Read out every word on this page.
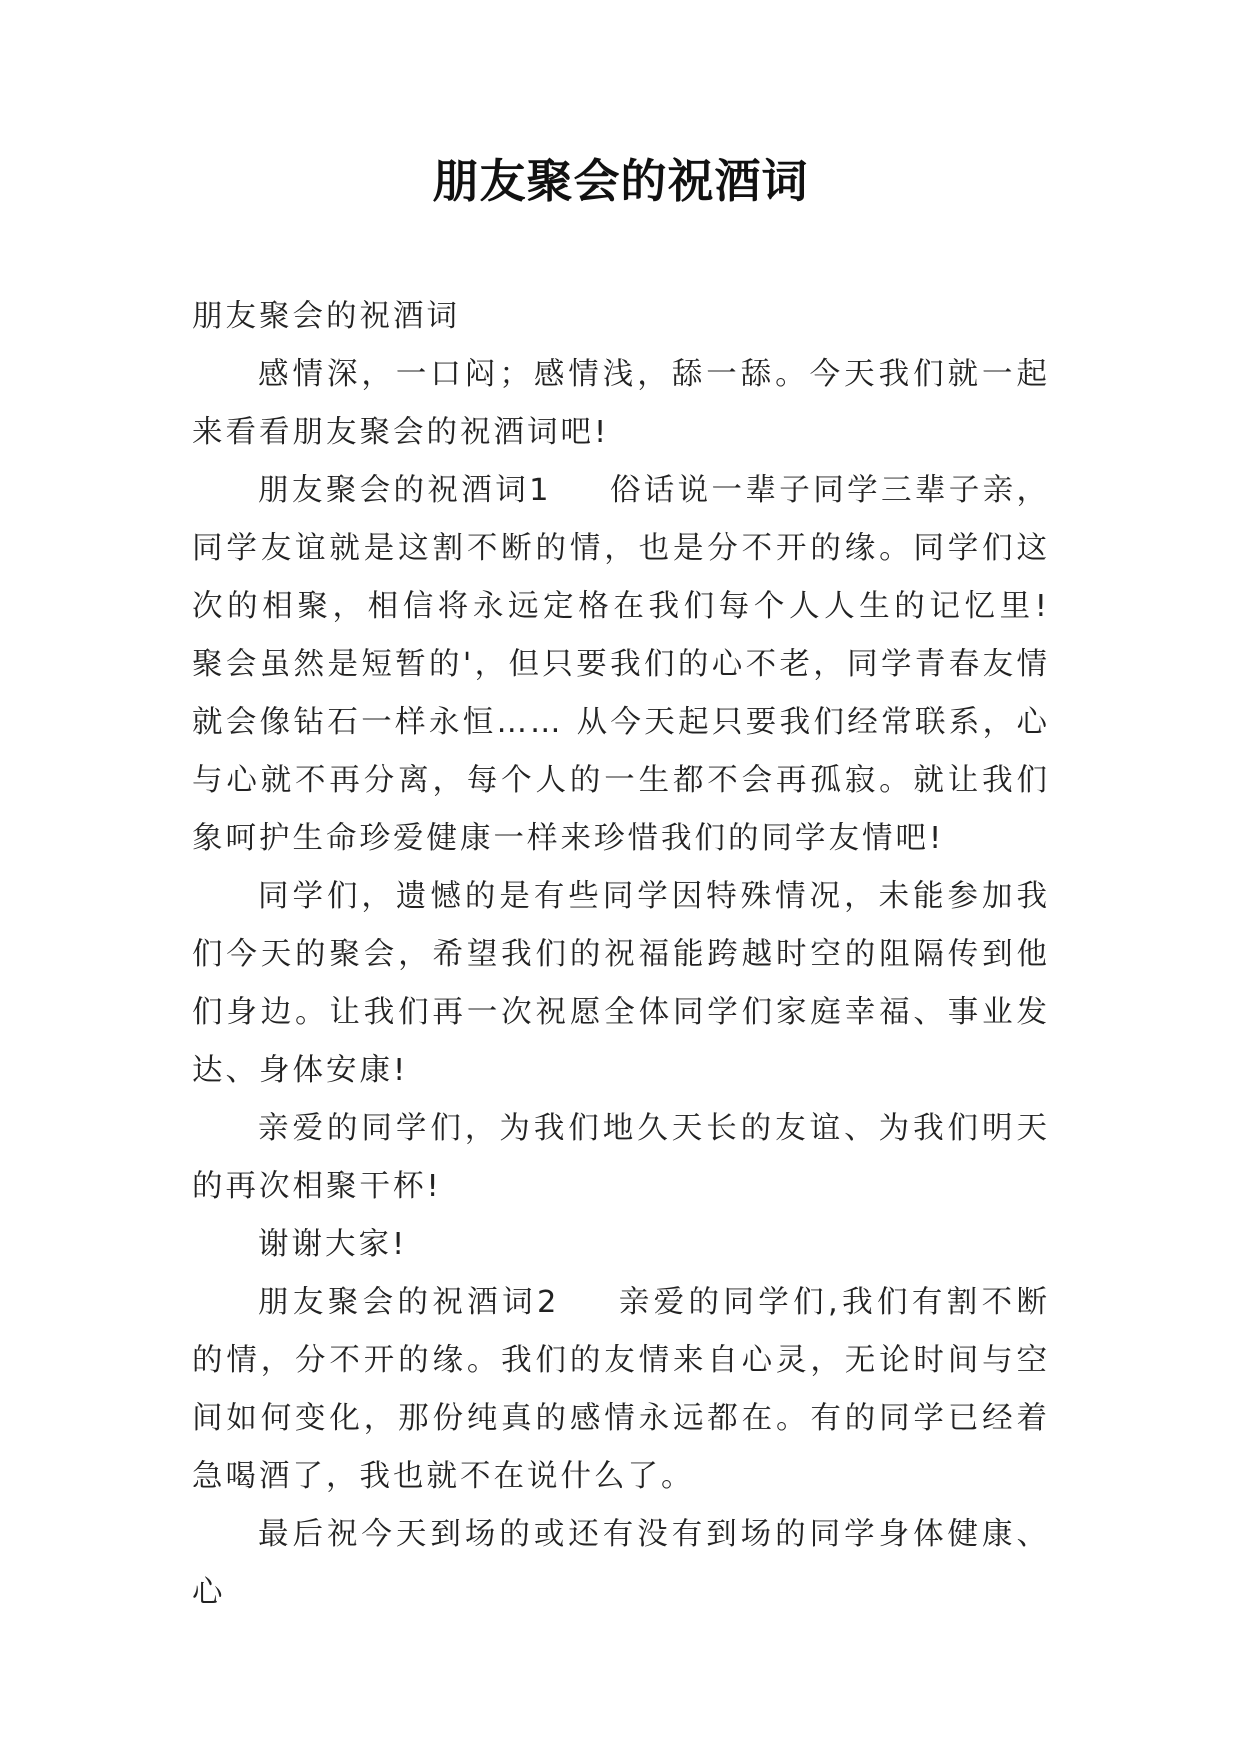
朋友聚会的祝酒词

朋友聚会的祝酒词

感情深，一口闷；感情浅，舔一舔。今天我们就一起来看看朋友聚会的祝酒词吧!

朋友聚会的祝酒词1 俗话说一辈子同学三辈子亲，同学友谊就是这割不断的情，也是分不开的缘。同学们这次的相聚，相信将永远定格在我们每个人人生的记忆里! 聚会虽然是短暂的'，但只要我们的心不老，同学青春友情就会像钻石一样永恒…… 从今天起只要我们经常联系，心与心就不再分离，每个人的一生都不会再孤寂。就让我们象呵护生命珍爱健康一样来珍惜我们的同学友情吧!

同学们，遗憾的是有些同学因特殊情况，未能参加我们今天的聚会，希望我们的祝福能跨越时空的阻隔传到他们身边。让我们再一次祝愿全体同学们家庭幸福、事业发达、身体安康!

亲爱的同学们，为我们地久天长的友谊、为我们明天的再次相聚干杯!

谢谢大家!

朋友聚会的祝酒词2 亲爱的同学们,我们有割不断的情，分不开的缘。我们的友情来自心灵，无论时间与空间如何变化，那份纯真的感情永远都在。有的同学已经着急喝酒了，我也就不在说什么了。

最后祝今天到场的或还有没有到场的同学身体健康、心
